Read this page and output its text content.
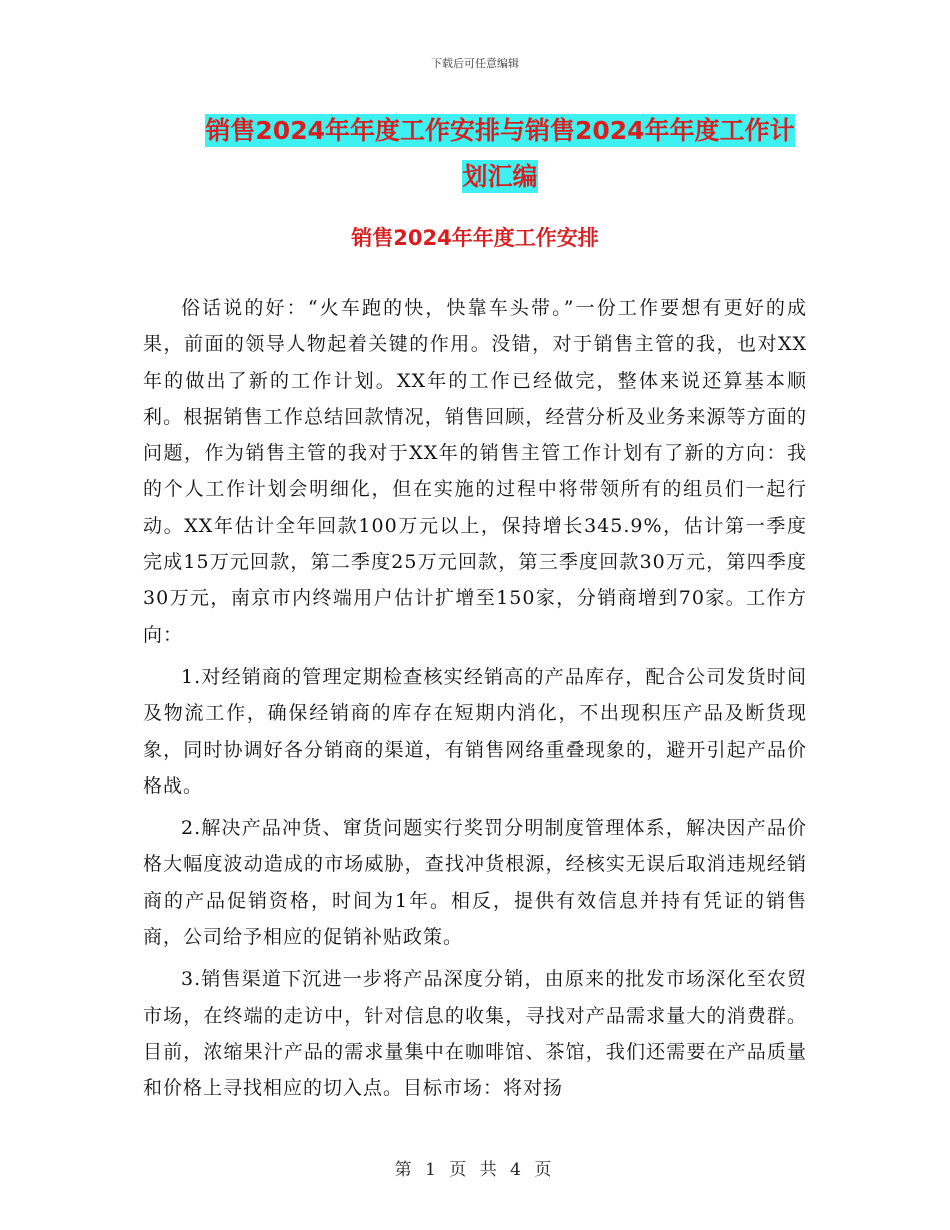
下载后可任意编辑
销售2024年年度工作安排与销售2024年年度工作计
划汇编
销售2024年年度工作安排

俗话说的好：“火车跑的快，快靠车头带。”一份工作要想有更好的成果，前面的领导人物起着关键的作用。没错，对于销售主管的我，也对XX年的做出了新的工作计划。XX年的工作已经做完，整体来说还算基本顺利。根据销售工作总结回款情况，销售回顾，经营分析及业务来源等方面的问题，作为销售主管的我对于XX年的销售主管工作计划有了新的方向：我的个人工作计划会明细化，但在实施的过程中将带领所有的组员们一起行动。XX年估计全年回款100万元以上，保持增长345.9%，估计第一季度完成15万元回款，第二季度25万元回款，第三季度回款30万元，第四季度30万元，南京市内终端用户估计扩增至150家，分销商增到70家。工作方向：

1.对经销商的管理定期检查核实经销高的产品库存，配合公司发货时间及物流工作，确保经销商的库存在短期内消化，不出现积压产品及断货现象，同时协调好各分销商的渠道，有销售网络重叠现象的，避开引起产品价格战。

2.解决产品冲货、窜货问题实行奖罚分明制度管理体系，解决因产品价格大幅度波动造成的市场威胁，查找冲货根源，经核实无误后取消违规经销商的产品促销资格，时间为1年。相反，提供有效信息并持有凭证的销售商，公司给予相应的促销补贴政策。

3.销售渠道下沉进一步将产品深度分销，由原来的批发市场深化至农贸市场，在终端的走访中，针对信息的收集，寻找对产品需求量大的消费群。目前，浓缩果汁产品的需求量集中在咖啡馆、茶馆，我们还需要在产品质量和价格上寻找相应的切入点。目标市场：将对扬

第 1 页 共 4 页
